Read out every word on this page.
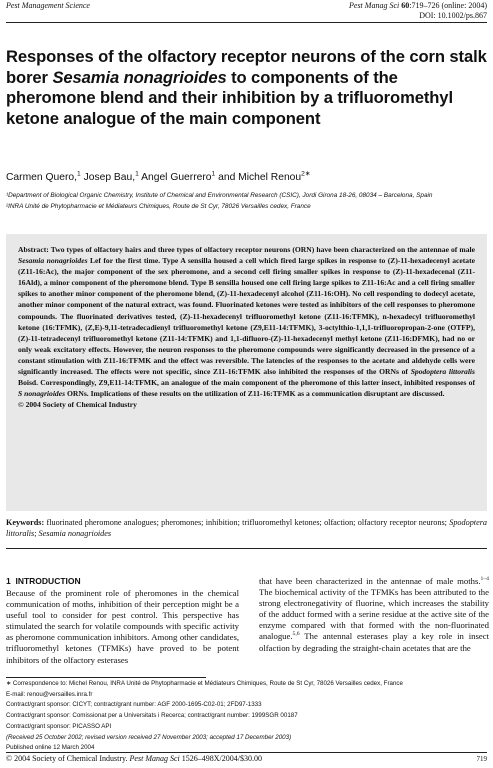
Pest Management Science	Pest Manag Sci 60:719–726 (online: 2004)
DOI: 10.1002/ps.867
Responses of the olfactory receptor neurons of the corn stalk borer Sesamia nonagrioides to components of the pheromone blend and their inhibition by a trifluoromethyl ketone analogue of the main component
Carmen Quero,$^1$ Josep Bau,$^1$ Angel Guerrero$^1$ and Michel Renou$^{2∗}$
¹Department of Biological Organic Chemistry, Institute of Chemical and Environmental Research (CSIC), Jordi Girona 18-26, 08034 – Barcelona, Spain
²INRA Unité de Phytopharmacie et Médiateurs Chimiques, Route de St Cyr, 78026 Versailles cedex, France
Abstract: Two types of olfactory hairs and three types of olfactory receptor neurons (ORN) have been characterized on the antennae of male Sesamia nonagrioides Lef for the first time. Type A sensilla housed a cell which fired large spikes in response to (Z)-11-hexadecenyl acetate (Z11-16:Ac), the major component of the sex pheromone, and a second cell firing smaller spikes in response to (Z)-11-hexadecenal (Z11-16Ald), a minor component of the pheromone blend. Type B sensilla housed one cell firing large spikes to Z11-16:Ac and a cell firing smaller spikes to another minor component of the pheromone blend, (Z)-11-hexadecenyl alcohol (Z11-16:OH). No cell responding to dodecyl acetate, another minor component of the natural extract, was found. Fluorinated ketones were tested as inhibitors of the cell responses to pheromone compounds. The fluorinated derivatives tested, (Z)-11-hexadecenyl trifluoromethyl ketone (Z11-16:TFMK), n-hexadecyl trifluoromethyl ketone (16:TFMK), (Z,E)-9,11-tetradecadienyl trifluoromethyl ketone (Z9,E11-14:TFMK), 3-octylthio-1,1,1-trifluoropropan-2-one (OTFP), (Z)-11-tetradecenyl trifluoromethyl ketone (Z11-14:TFMK) and 1,1-difluoro-(Z)-11-hexadecenyl methyl ketone (Z11-16:DFMK), had no or only weak excitatory effects. However, the neuron responses to the pheromone compounds were significantly decreased in the presence of a constant stimulation with Z11-16:TFMK and the effect was reversible. The latencies of the responses to the acetate and aldehyde cells were significantly increased. The effects were not specific, since Z11-16:TFMK also inhibited the responses of the ORNs of Spodoptera littoralis Boisd. Correspondingly, Z9,E11-14:TFMK, an analogue of the main component of the pheromone of this latter insect, inhibited responses of S nonagrioides ORNs. Implications of these results on the utilization of Z11-16:TFMK as a communication disruptant are discussed.
© 2004 Society of Chemical Industry
Keywords: fluorinated pheromone analogues; pheromones; inhibition; trifluoromethyl ketones; olfaction; olfactory receptor neurons; Spodoptera littoralis; Sesamia nonagrioides
1 INTRODUCTION
Because of the prominent role of pheromones in the chemical communication of moths, inhibition of their perception might be a useful tool to consider for pest control. This perspective has stimulated the search for volatile compounds with specific activity as pheromone communication inhibitors. Among other candidates, trifluoromethyl ketones (TFMKs) have proved to be potent inhibitors of the olfactory esterases
that have been characterized in the antennae of male moths.$^{1-4}$ The biochemical activity of the TFMKs has been attributed to the strong electronegativity of fluorine, which increases the stability of the adduct formed with a serine residue at the active site of the enzyme compared with that formed with the non-fluorinated analogue.$^{5,6}$ The antennal esterases play a key role in insect olfaction by degrading the straight-chain acetates that are the
∗ Correspondence to: Michel Renou, INRA Unité de Phytopharmacie et Médiateurs Chimiques, Route de St Cyr, 78026 Versailles cedex, France
E-mail: renou@versailles.inra.fr
Contract/grant sponsor: CICYT; contract/grant number: AGF 2000-1695-C02-01; 2FD97-1333
Contract/grant sponsor: Comissionat per a Universitats i Recerca; contract/grant number: 1999SGR 00187
Contract/grant sponsor: PICASSO API
(Received 25 October 2002; revised version received 27 November 2003; accepted 17 December 2003)
Published online 12 March 2004
© 2004 Society of Chemical Industry. Pest Manag Sci 1526–498X/2004/$30.00	719
